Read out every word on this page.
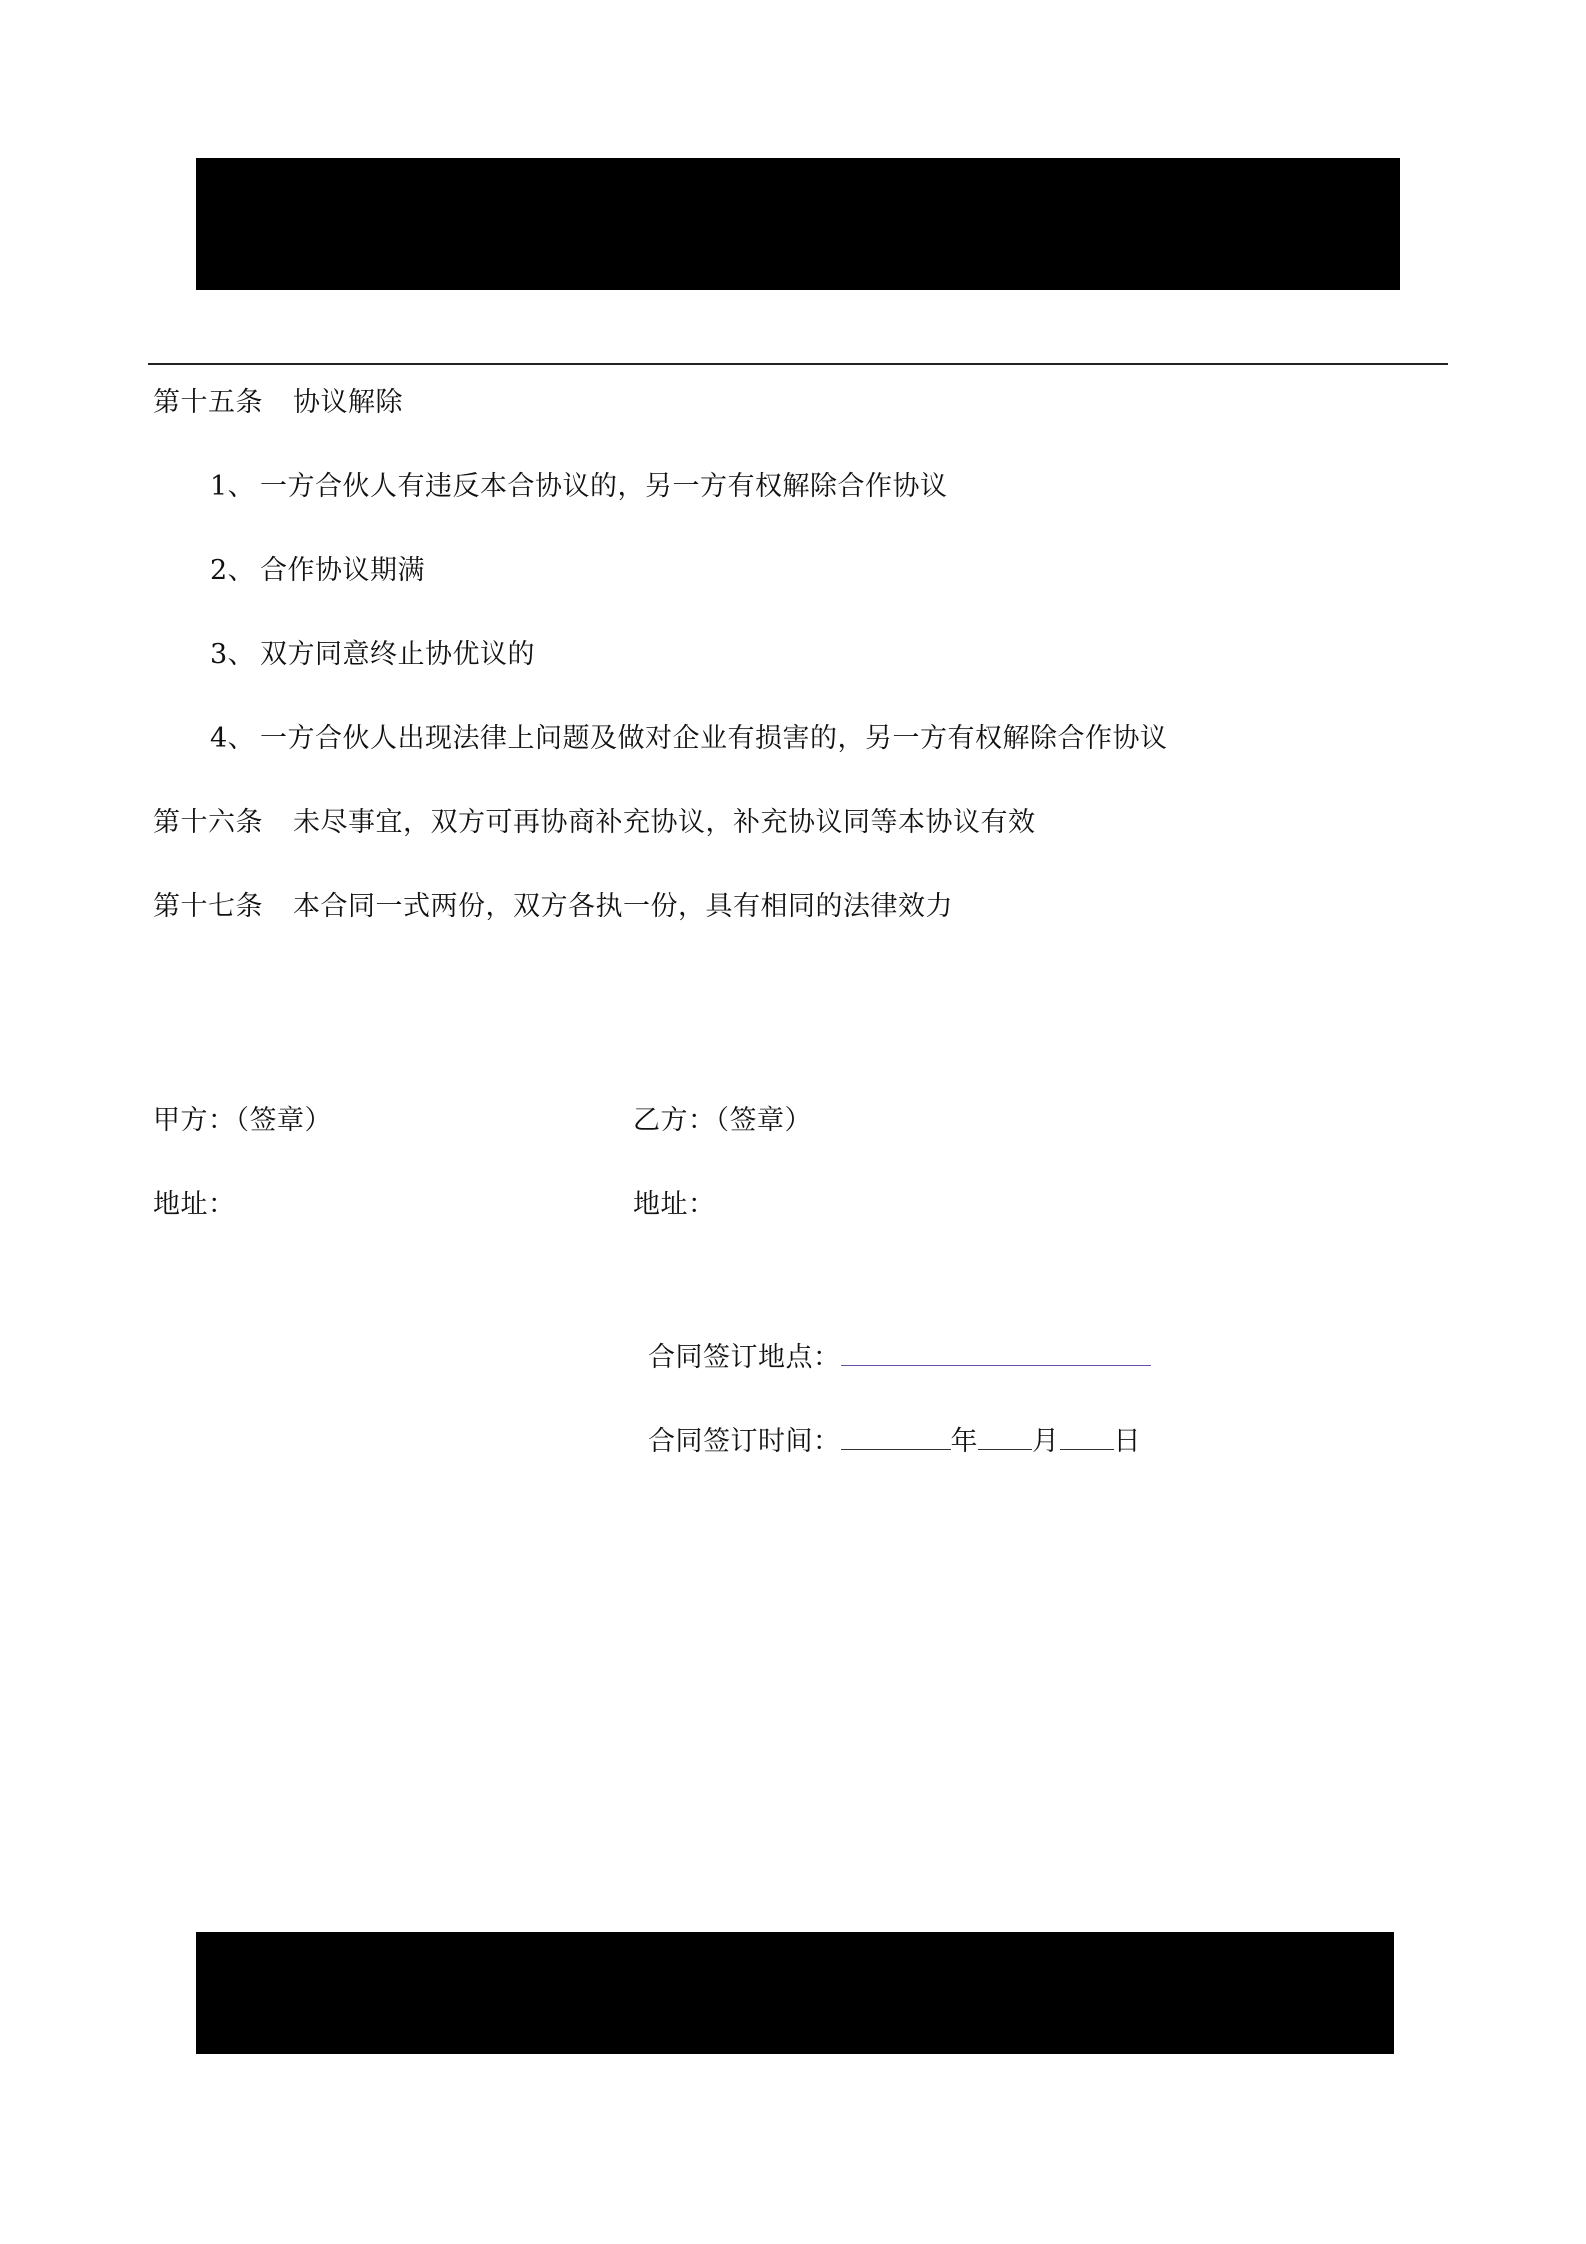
第十五条 协议解除
1、 一方合伙人有违反本合协议的，另一方有权解除合作协议
2、 合作协议期满
3、 双方同意终止协优议的
4、 一方合伙人出现法律上问题及做对企业有损害的，另一方有权解除合作协议
第十六条 未尽事宜，双方可再协商补充协议，补充协议同等本协议有效
第十七条 本合同一式两份，双方各执一份，具有相同的法律效力
甲方：（签章）	乙方：（签章）
地址：	地址：
合同签订地点：
合同签订时间：	年 月 日
